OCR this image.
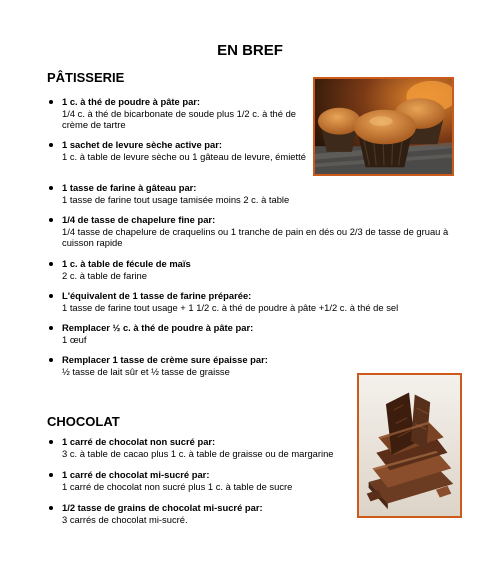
EN BREF
PÂTISSERIE
1 c. à thé de poudre à pâte par:
1/4 c. à thé de bicarbonate de soude plus 1/2 c. à thé de crème de tartre
1 sachet de levure sèche active par:
1 c. à table de levure sèche ou 1 gâteau de levure, émietté
1 tasse de farine à gâteau par:
1 tasse de farine tout usage tamisée moins 2 c. à table
1/4 de tasse de chapelure fine par:
1/4 tasse de chapelure de craquelins ou 1 tranche de pain en dés ou 2/3 de tasse de gruau à cuisson rapide
1 c. à table de fécule de maïs
2 c. à table de farine
L'équivalent de 1 tasse de farine préparée:
1 tasse de farine tout usage + 1 1/2 c. à thé de poudre à pâte +1/2 c. à thé de sel
Remplacer ½ c. à thé de poudre à pâte par:
1 œuf
Remplacer 1 tasse de crème sure épaisse par:
½ tasse de lait sûr et ½ tasse de graisse
CHOCOLAT
1 carré de chocolat non sucré par:
3 c. à table de cacao plus 1 c. à table de graisse ou de margarine
1 carré de chocolat mi-sucré par:
1 carré de chocolat non sucré plus 1 c. à table de sucre
1/2 tasse de grains de chocolat mi-sucré par:
3 carrés de chocolat mi-sucré.
